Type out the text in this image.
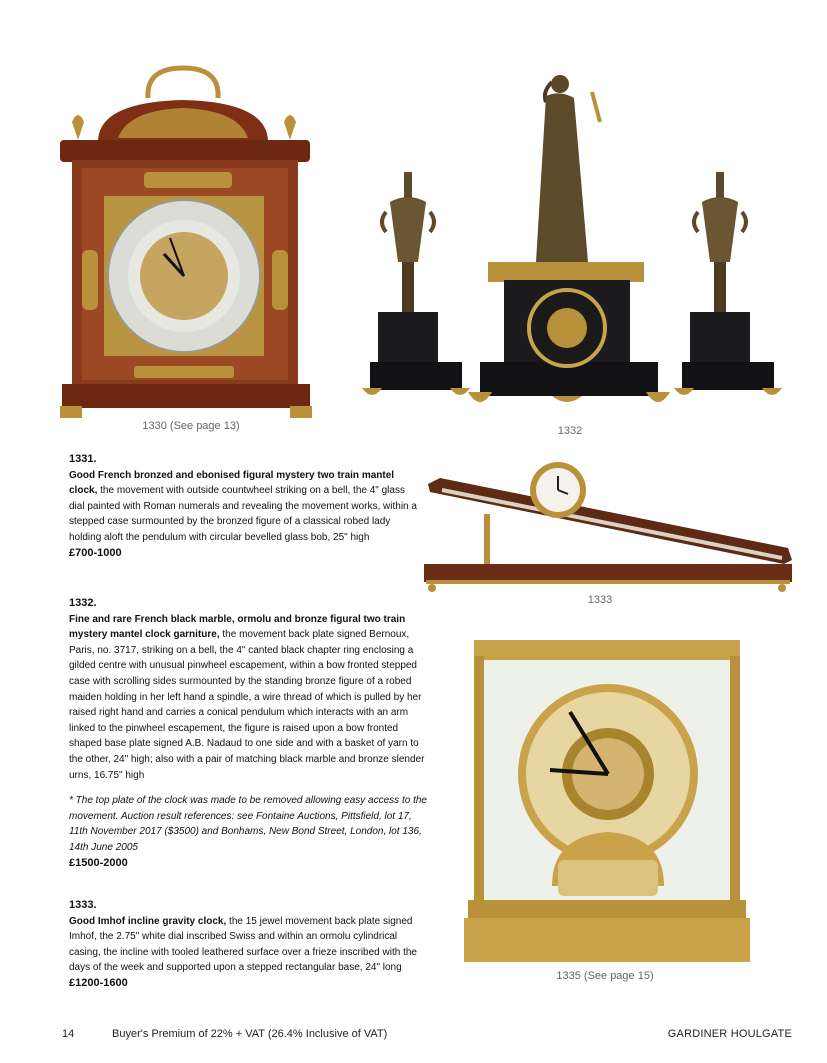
1330 (See page 13)	1332
1333
1335 (See page 15)
1331.
Good French bronzed and ebonised figural mystery two train mantel clock, the movement with outside countwheel striking on a bell, the 4" glass dial painted with Roman numerals and revealing the movement works, within a stepped case surmounted by the bronzed figure of a classical robed lady holding aloft the pendulum with circular bevelled glass bob, 25" high
£700-1000
1332.
Fine and rare French black marble, ormolu and bronze figural two train mystery mantel clock garniture, the movement back plate signed Bernoux, Paris, no. 3717, striking on a bell, the 4" canted black chapter ring enclosing a gilded centre with unusual pinwheel escapement, within a bow fronted stepped case with scrolling sides surmounted by the standing bronze figure of a robed maiden holding in her left hand a spindle, a wire thread of which is pulled by her raised right hand and carries a conical pendulum which interacts with an arm linked to the pinwheel escapement, the figure is raised upon a bow fronted shaped base plate signed A.B. Nadaud to one side and with a basket of yarn to the other, 24" high; also with a pair of matching black marble and bronze slender urns, 16.75" high
* The top plate of the clock was made to be removed allowing easy access to the movement. Auction result references: see Fontaine Auctions, Pittsfield, lot 17, 11th November 2017 ($3500) and Bonhams, New Bond Street, London, lot 136, 14th June 2005
£1500-2000
1333.
Good Imhof incline gravity clock, the 15 jewel movement back plate signed Imhof, the 2.75" white dial inscribed Swiss and within an ormolu cylindrical casing, the incline with tooled leathered surface over a frieze inscribed with the days of the week and supported upon a stepped rectangular base, 24" long
£1200-1600
14	Buyer's Premium of 22% + VAT (26.4% Inclusive of VAT)	GARDINER HOULGATE
